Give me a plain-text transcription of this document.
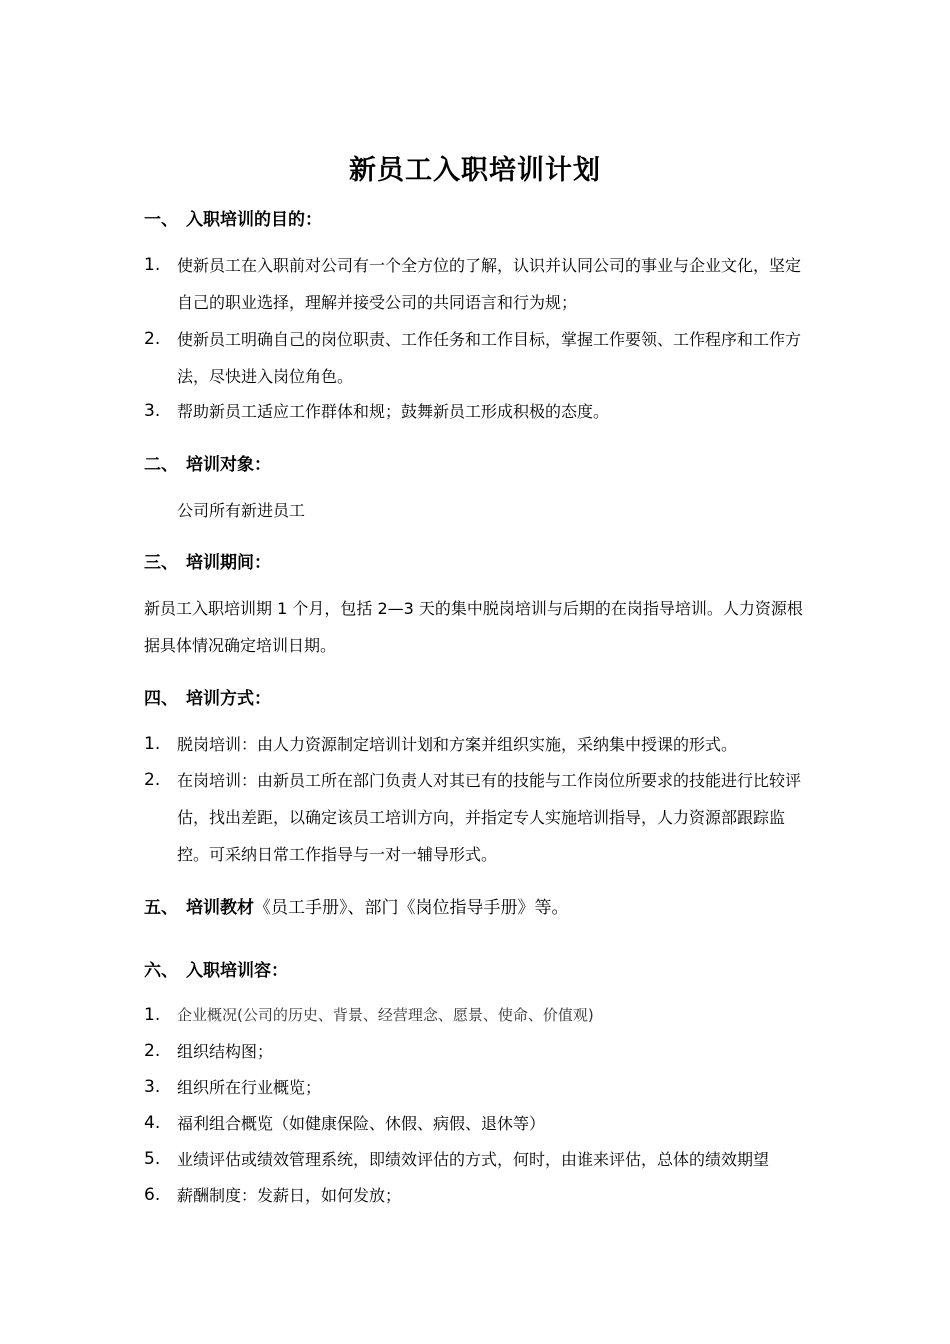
新员工入职培训计划
一、 入职培训的目的：
1. 使新员工在入职前对公司有一个全方位的了解，认识并认同公司的事业与企业文化，坚定自己的职业选择，理解并接受公司的共同语言和行为规；
2. 使新员工明确自己的岗位职责、工作任务和工作目标，掌握工作要领、工作程序和工作方法，尽快进入岗位角色。
3. 帮助新员工适应工作群体和规；鼓舞新员工形成积极的态度。
二、 培训对象：
公司所有新进员工
三、 培训期间：
新员工入职培训期 1 个月，包括 2—3 天的集中脱岗培训与后期的在岗指导培训。人力资源根据具体情况确定培训日期。
四、 培训方式：
1. 脱岗培训：由人力资源制定培训计划和方案并组织实施，采纳集中授课的形式。
2. 在岗培训：由新员工所在部门负责人对其已有的技能与工作岗位所要求的技能进行比较评估，找出差距，以确定该员工培训方向，并指定专人实施培训指导，人力资源部跟踪监控。可采纳日常工作指导与一对一辅导形式。
五、 培训教材《员工手册》、部门《岗位指导手册》等。
六、 入职培训容：
1. 企业概况(公司的历史、背景、经营理念、愿景、使命、价值观)
2. 组织结构图；
3. 组织所在行业概览；
4. 福利组合概览（如健康保险、休假、病假、退休等）
5. 业绩评估或绩效管理系统，即绩效评估的方式，何时，由谁来评估，总体的绩效期望
6. 薪酬制度：发薪日，如何发放；
